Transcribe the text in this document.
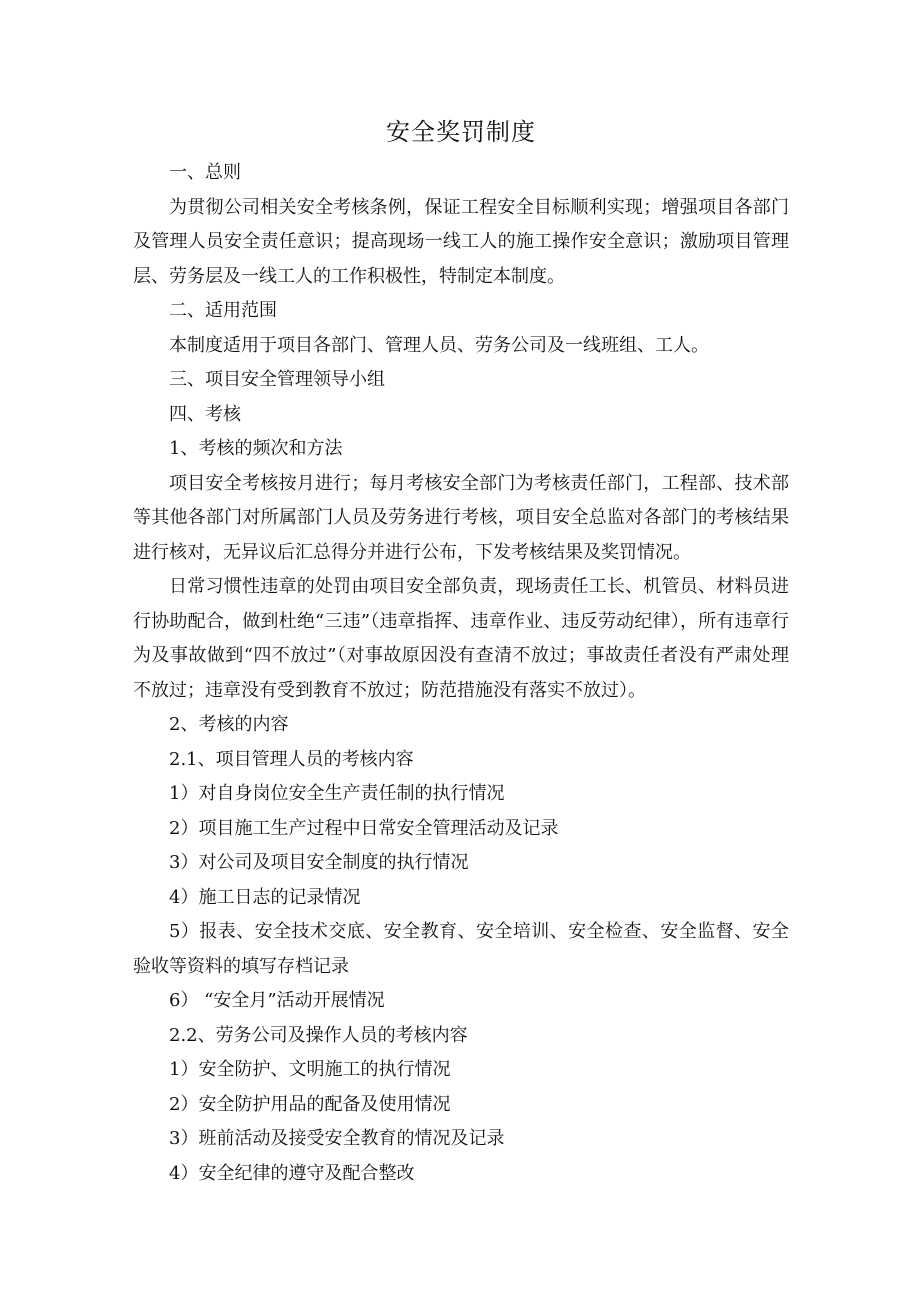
安全奖罚制度

一、总则

为贯彻公司相关安全考核条例，保证工程安全目标顺利实现；增强项目各部门及管理人员安全责任意识；提高现场一线工人的施工操作安全意识；激励项目管理层、劳务层及一线工人的工作积极性，特制定本制度。

二、适用范围

本制度适用于项目各部门、管理人员、劳务公司及一线班组、工人。

三、项目安全管理领导小组

四、考核

1、考核的频次和方法

项目安全考核按月进行；每月考核安全部门为考核责任部门，工程部、技术部等其他各部门对所属部门人员及劳务进行考核，项目安全总监对各部门的考核结果进行核对，无异议后汇总得分并进行公布，下发考核结果及奖罚情况。

日常习惯性违章的处罚由项目安全部负责，现场责任工长、机管员、材料员进行协助配合，做到杜绝“三违”（违章指挥、违章作业、违反劳动纪律），所有违章行为及事故做到“四不放过”（对事故原因没有查清不放过；事故责任者没有严肃处理不放过；违章没有受到教育不放过；防范措施没有落实不放过）。

2、考核的内容

2.1、项目管理人员的考核内容

1）对自身岗位安全生产责任制的执行情况

2）项目施工生产过程中日常安全管理活动及记录

3）对公司及项目安全制度的执行情况

4）施工日志的记录情况

5）报表、安全技术交底、安全教育、安全培训、安全检查、安全监督、安全验收等资料的填写存档记录

6） “安全月”活动开展情况

2.2、劳务公司及操作人员的考核内容

1）安全防护、文明施工的执行情况

2）安全防护用品的配备及使用情况

3）班前活动及接受安全教育的情况及记录

4）安全纪律的遵守及配合整改
